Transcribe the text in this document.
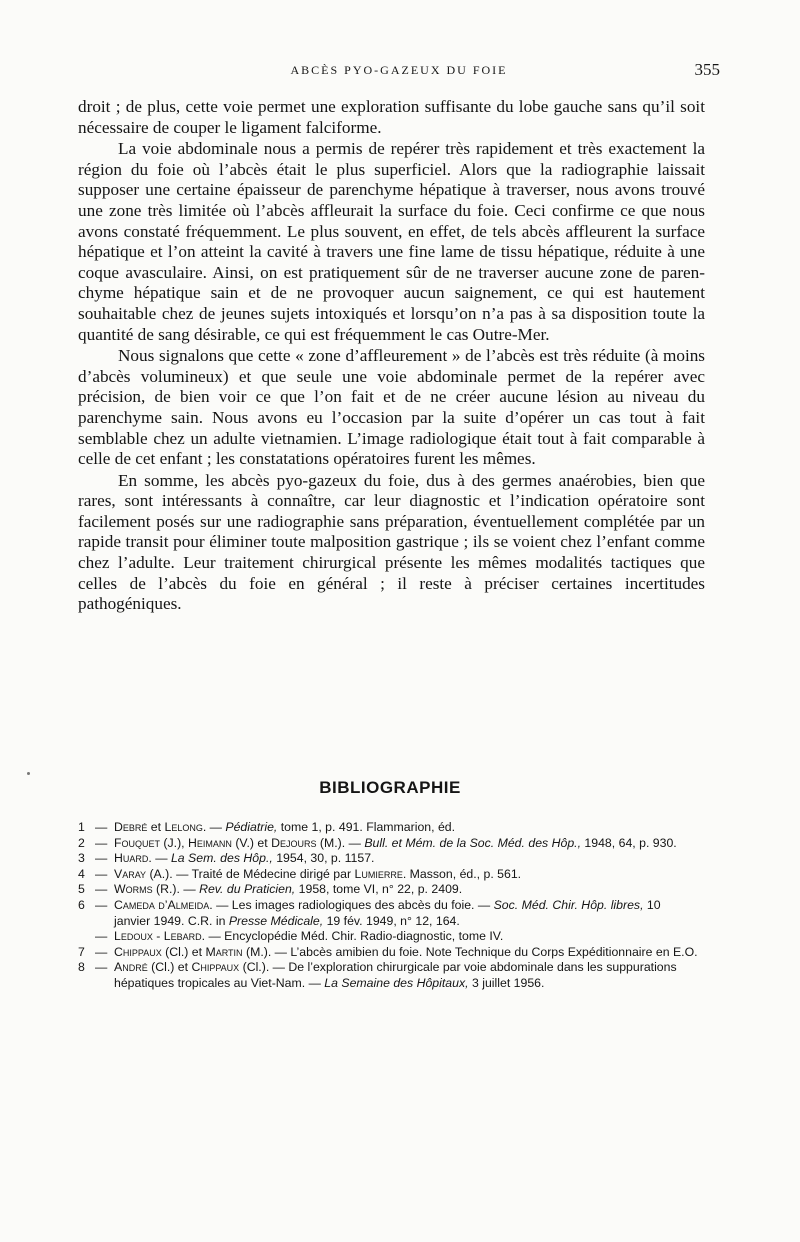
ABCÈS PYO-GAZEUX DU FOIE	355

droit ; de plus, cette voie permet une exploration suffisante du lobe gauche sans qu’il soit nécessaire de couper le ligament falciforme.

La voie abdominale nous a permis de repérer très rapidement et très exactement la région du foie où l’abcès était le plus superficiel. Alors que la radiographie laissait supposer une certaine épaisseur de parenchyme hépatique à traverser, nous avons trouvé une zone très limitée où l’abcès affleurait la surface du foie. Ceci confirme ce que nous avons constaté fréquemment. Le plus souvent, en effet, de tels abcès affleurent la surface hépatique et l’on atteint la cavité à travers une fine lame de tissu hépatique, réduite à une coque avasculaire. Ainsi, on est pratiquement sûr de ne traverser aucune zone de parenchyme hépatique sain et de ne provoquer aucun saignement, ce qui est hautement souhaitable chez de jeunes sujets intoxiqués et lorsqu’on n’a pas à sa disposition toute la quantité de sang désirable, ce qui est fréquemment le cas Outre-Mer.

Nous signalons que cette « zone d’affleurement » de l’abcès est très réduite (à moins d’abcès volumineux) et que seule une voie abdominale permet de la repérer avec précision, de bien voir ce que l’on fait et de ne créer aucune lésion au niveau du parenchyme sain. Nous avons eu l’occasion par la suite d’opérer un cas tout à fait semblable chez un adulte vietnamien. L’image radiologique était tout à fait comparable à celle de cet enfant ; les constatations opératoires furent les mêmes.

En somme, les abcès pyo-gazeux du foie, dus à des germes anaérobies, bien que rares, sont intéressants à connaître, car leur diagnostic et l’indication opératoire sont facilement posés sur une radiographie sans préparation, éventuellement complétée par un rapide transit pour éliminer toute malposition gastrique ; ils se voient chez l’enfant comme chez l’adulte. Leur traitement chirurgical présente les mêmes modalités tactiques que celles de l’abcès du foie en général ; il reste à préciser certaines incertitudes pathogéniques.

BIBLIOGRAPHIE
1 — Debré et Lelong. — Pédiatrie, tome 1, p. 491. Flammarion, éd.
2 — Fouquet (J.), Heimann (V.) et Dejours (M.). — Bull. et Mém. de la Soc. Méd. des Hôp., 1948, 64, p. 930.
3 — Huard. — La Sem. des Hôp., 1954, 30, p. 1157.
4 — Varay (A.). — Traité de Médecine dirigé par Lumierre. Masson, éd., p. 561.
5 — Worms (R.). — Rev. du Praticien, 1958, tome VI, n° 22, p. 2409.
6 — Cameda d’Almeida. — Les images radiologiques des abcès du foie. — Soc. Méd. Chir. Hôp. libres, 10 janvier 1949. C.R. in Presse Médicale, 19 fév. 1949, n° 12, 164.
— Ledoux - Lebard. — Encyclopédie Méd. Chir. Radio-diagnostic, tome IV.
7 — Chippaux (Cl.) et Martin (M.). — L’abcès amibien du foie. Note Technique du Corps Expéditionnaire en E.O.
8 — André (Cl.) et Chippaux (Cl.). — De l’exploration chirurgicale par voie abdominale dans les suppurations hépatiques tropicales au Viet-Nam. — La Semaine des Hôpitaux, 3 juillet 1956.
